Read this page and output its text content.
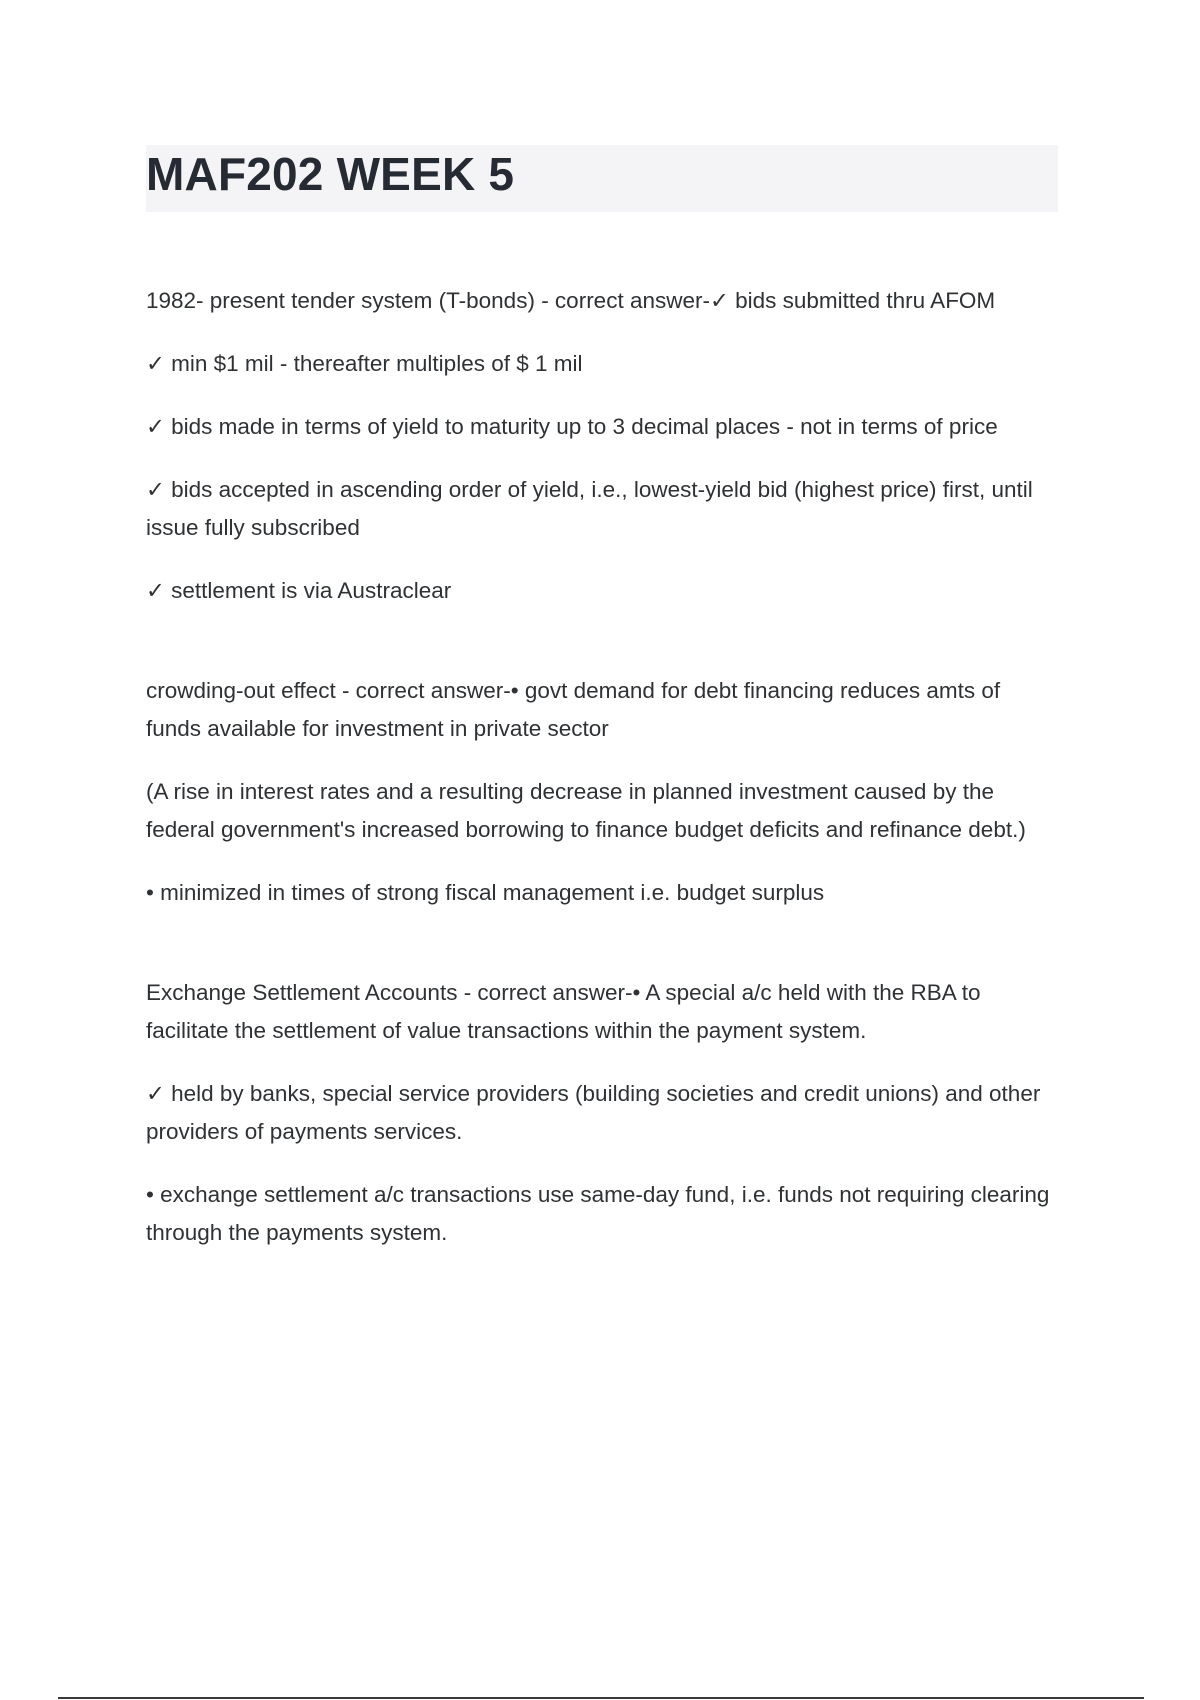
MAF202 WEEK 5

1982- present tender system (T-bonds) - correct answer-✓ bids submitted thru AFOM

✓ min $1 mil - thereafter multiples of $ 1 mil

✓ bids made in terms of yield to maturity up to 3 decimal places - not in terms of price

✓ bids accepted in ascending order of yield, i.e., lowest-yield bid (highest price) first, until issue fully subscribed

✓ settlement is via Austraclear

crowding-out effect - correct answer-• govt demand for debt financing reduces amts of funds available for investment in private sector

(A rise in interest rates and a resulting decrease in planned investment caused by the federal government's increased borrowing to finance budget deficits and refinance debt.)

• minimized in times of strong fiscal management i.e. budget surplus

Exchange Settlement Accounts - correct answer-• A special a/c held with the RBA to facilitate the settlement of value transactions within the payment system.

✓ held by banks, special service providers (building societies and credit unions) and other providers of payments services.

• exchange settlement a/c transactions use same-day fund, i.e. funds not requiring clearing through the payments system.
